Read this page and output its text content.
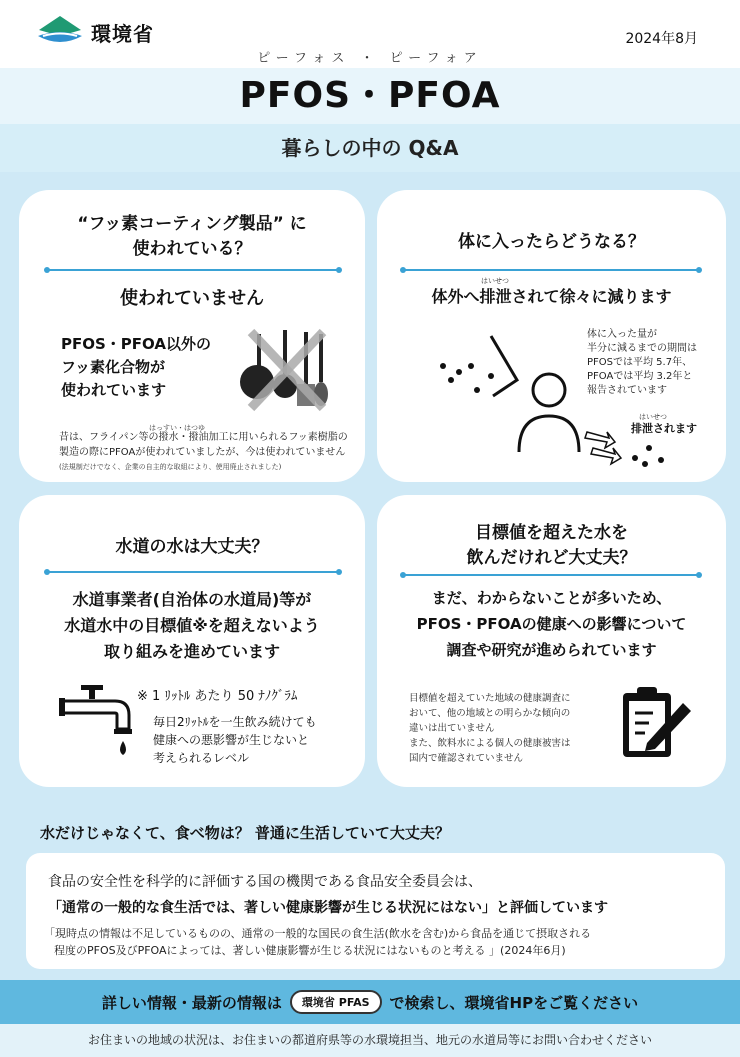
環境省	2024年8月
ピーフォス ・ ピーフォア
PFOS・PFOA
暮らしの中の Q&A
“フッ素コーティング製品” に
使われている？
使われていません
PFOS・PFOA以外の
フッ素化合物が
使われています
はっすい・はつゆ
昔は、フライパン等の撥水・撥油加工に用いられるフッ素樹脂の
製造の際にPFOAが使われていましたが、今は使われていません
(法規制だけでなく、企業の自主的な取組により、使用廃止されました)
体に入ったらどうなる？
はいせつ
体外へ排泄されて徐々に減ります
体に入った量が
半分に減るまでの期間は
PFOSでは平均 5.7年、
PFOAでは平均 3.2年と
報告されています
はいせつ
排泄されます
水道の水は大丈夫？
水道事業者(自治体の水道局)等が
水道水中の目標値※を超えないよう
取り組みを進めています
※ 1 ﾘｯﾄﾙ あたり 50 ﾅﾉｸﾞﾗﾑ
毎日2ﾘｯﾄﾙを一生飲み続けても
健康への悪影響が生じないと
考えられるレベル
目標値を超えた水を
飲んだけれど大丈夫？
まだ、わからないことが多いため、
PFOS・PFOAの健康への影響について
調査や研究が進められています
目標値を超えていた地域の健康調査に
おいて、他の地域との明らかな傾向の
違いは出ていません
また、飲料水による個人の健康被害は
国内で確認されていません
水だけじゃなくて、食べ物は？ 普通に生活していて大丈夫？
食品の安全性を科学的に評価する国の機関である食品安全委員会は、
「通常の一般的な食生活では、著しい健康影響が生じる状況にはない」と評価しています
「現時点の情報は不足しているものの、通常の一般的な国民の食生活(飲水を含む)から食品を通じて摂取される
程度のPFOS及びPFOAによっては、著しい健康影響が生じる状況にはないものと考える 」(2024年6月)
詳しい情報・最新の情報は	環境省 PFAS	で検索し、環境省HPをご覧ください
お住まいの地域の状況は、お住まいの都道府県等の水環境担当、地元の水道局等にお問い合わせください
